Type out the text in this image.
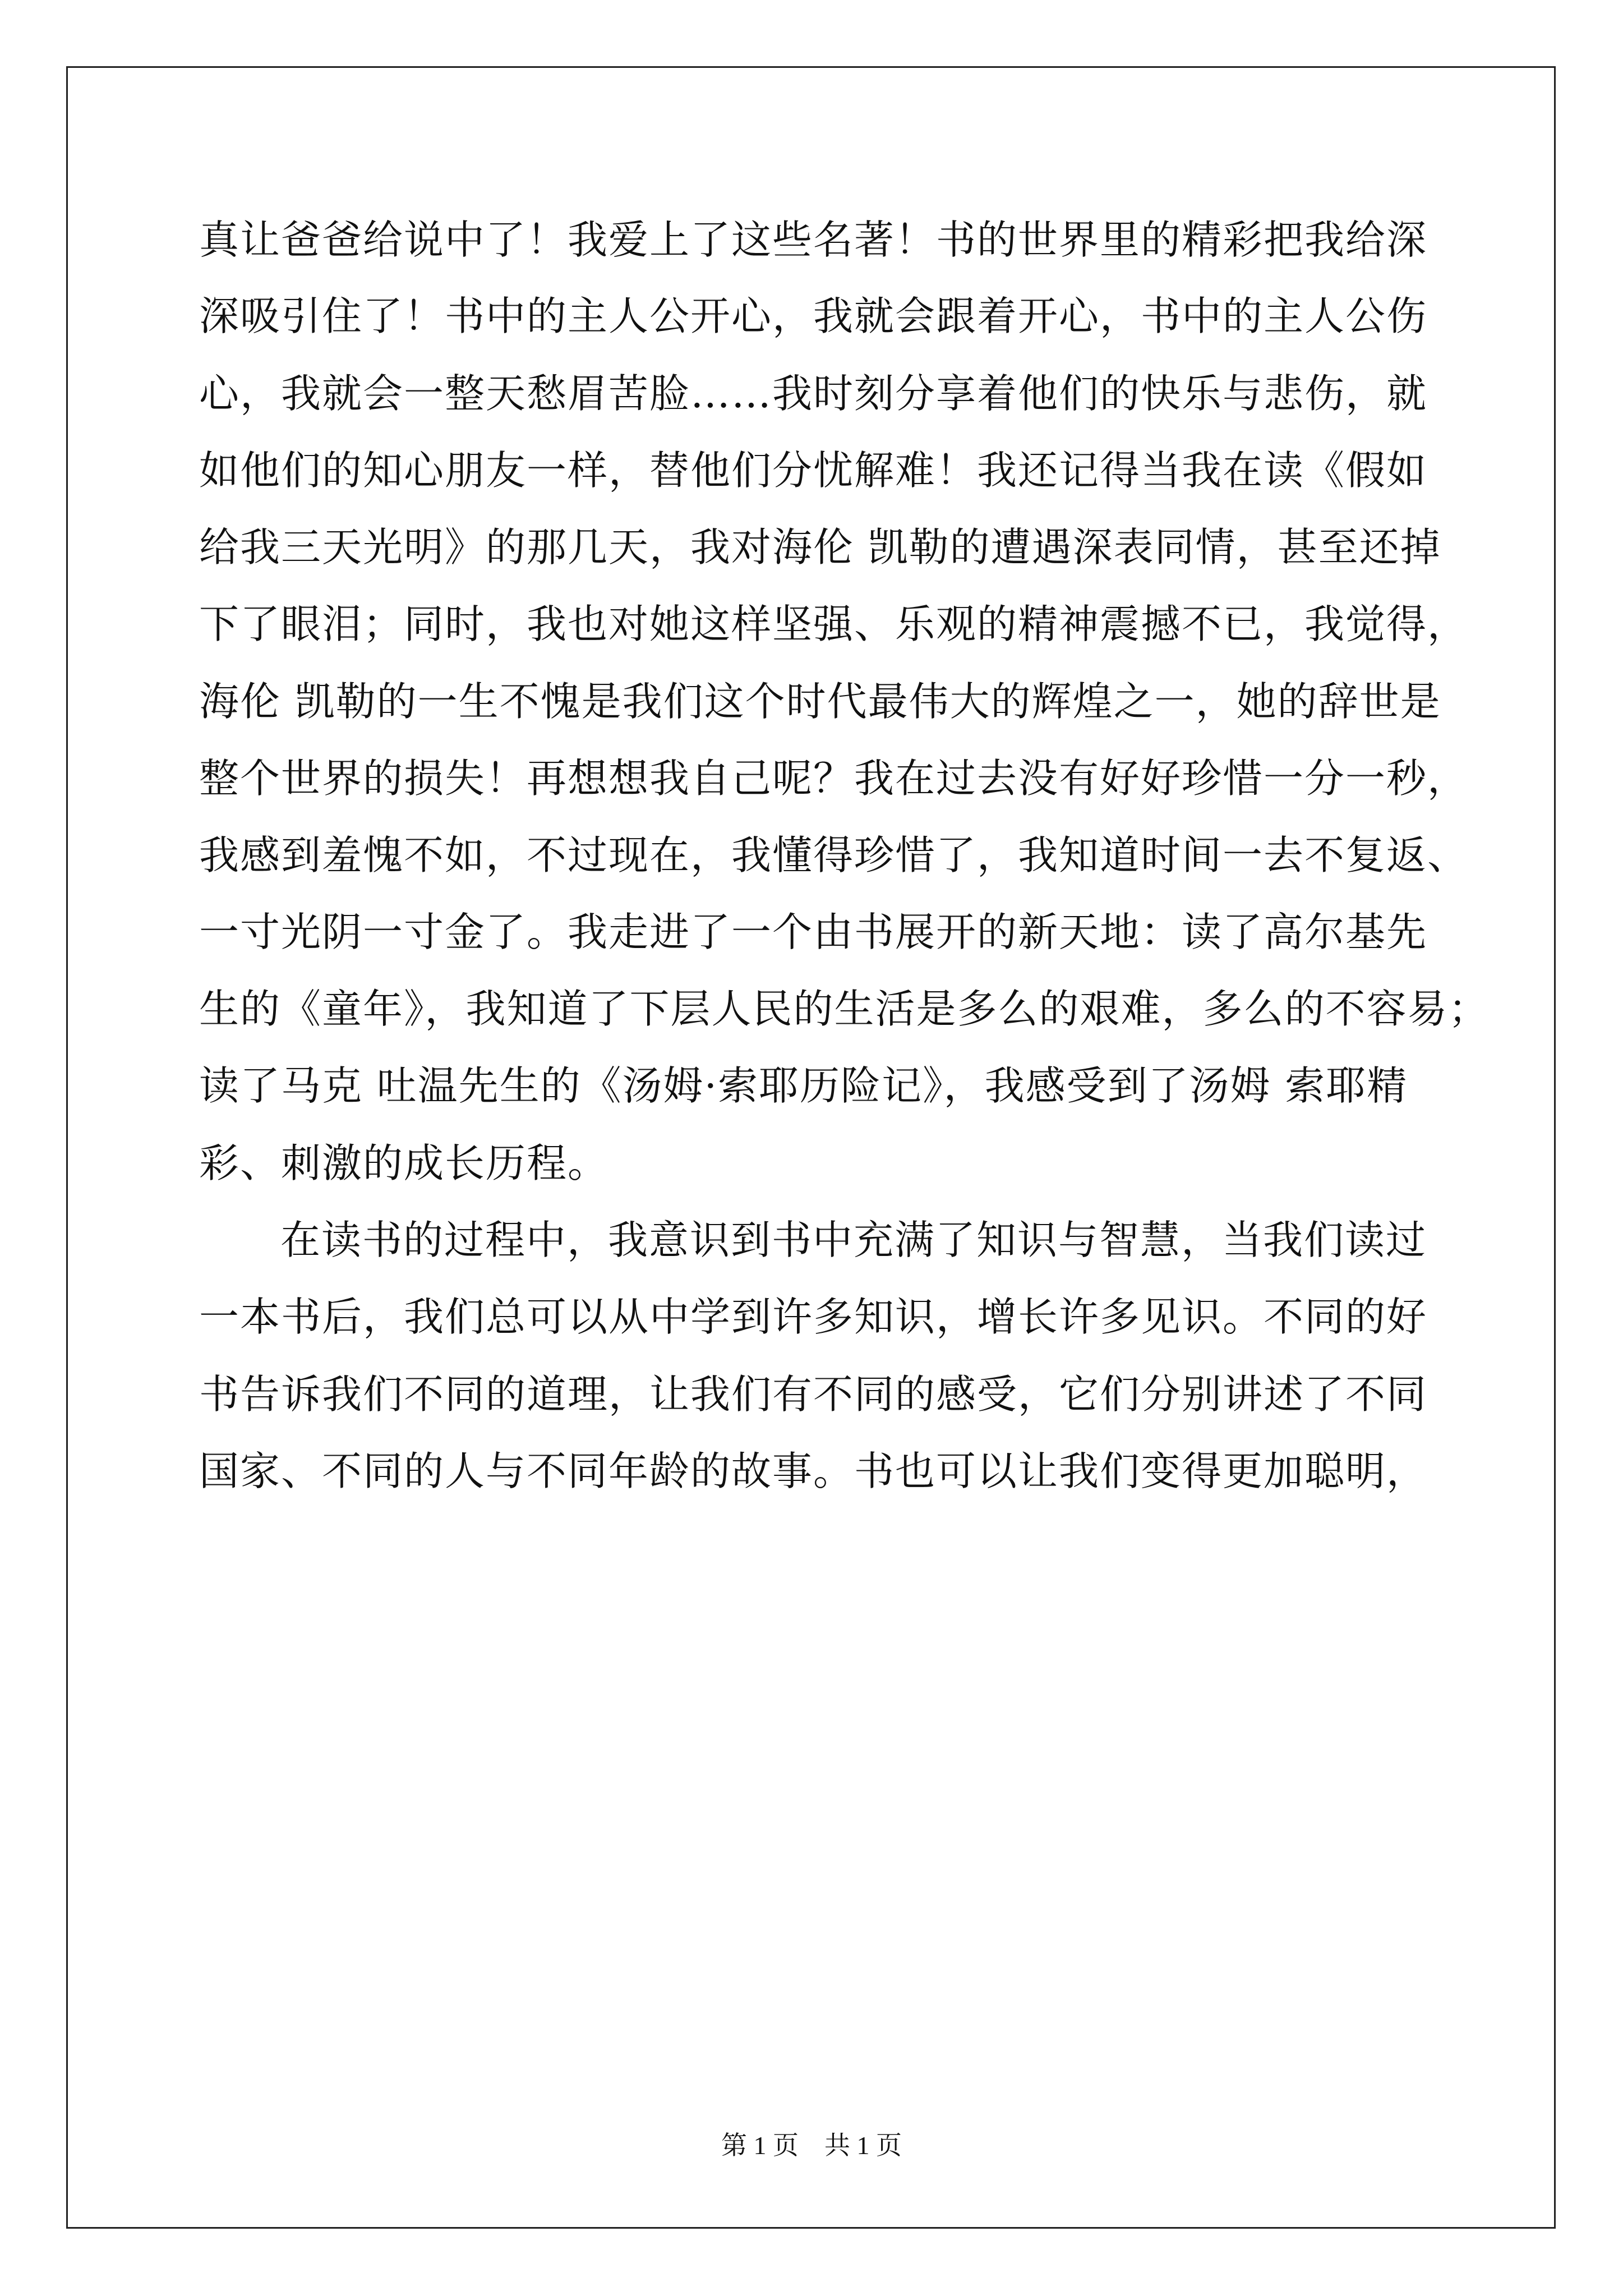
真让爸爸给说中了！我爱上了这些名著！书的世界里的精彩把我给深
深吸引住了！书中的主人公开心，我就会跟着开心，书中的主人公伤
心，我就会一整天愁眉苦脸……我时刻分享着他们的快乐与悲伤，就
如他们的知心朋友一样，替他们分忧解难！我还记得当我在读《假如
给我三天光明》的那几天，我对海伦 凯勒的遭遇深表同情，甚至还掉
下了眼泪；同时，我也对她这样坚强、乐观的精神震撼不已，我觉得，
海伦 凯勒的一生不愧是我们这个时代最伟大的辉煌之一，她的辞世是
整个世界的损失！再想想我自己呢？我在过去没有好好珍惜一分一秒，
我感到羞愧不如，不过现在，我懂得珍惜了，我知道时间一去不复返、
一寸光阴一寸金了。我走进了一个由书展开的新天地：读了高尔基先
生的《童年》，我知道了下层人民的生活是多么的艰难，多么的不容易；
读了马克 吐温先生的《汤姆·索耶历险记》，我感受到了汤姆 索耶精
彩、刺激的成长历程。
在读书的过程中，我意识到书中充满了知识与智慧，当我们读过
一本书后，我们总可以从中学到许多知识，增长许多见识。不同的好
书告诉我们不同的道理，让我们有不同的感受，它们分别讲述了不同
国家、不同的人与不同年龄的故事。书也可以让我们变得更加聪明，
第 1 页　共 1 页
